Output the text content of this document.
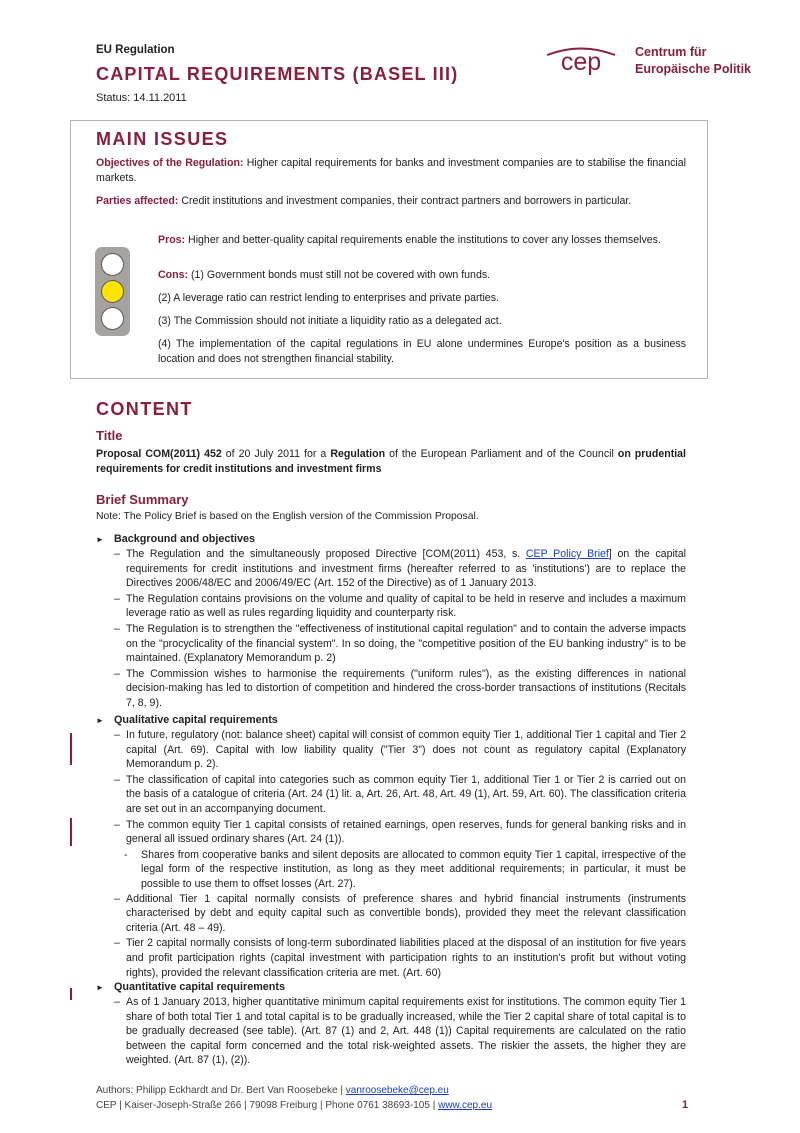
EU Regulation
CAPITAL REQUIREMENTS (BASEL III)
Status: 14.11.2011
cep	Centrum für
Europäische Politik
MAIN ISSUES
Objectives of the Regulation: Higher capital requirements for banks and investment companies are to stabilise the financial markets.
Parties affected: Credit institutions and investment companies, their contract partners and borrowers in particular.
Pros: Higher and better-quality capital requirements enable the institutions to cover any losses themselves.
Cons: (1) Government bonds must still not be covered with own funds.
(2) A leverage ratio can restrict lending to enterprises and private parties.
(3) The Commission should not initiate a liquidity ratio as a delegated act.
(4) The implementation of the capital regulations in EU alone undermines Europe's position as a business location and does not strengthen financial stability.
CONTENT
Title
Proposal COM(2011) 452 of 20 July 2011 for a Regulation of the European Parliament and of the Council on prudential requirements for credit institutions and investment firms
Brief Summary
Note: The Policy Brief is based on the English version of the Commission Proposal.
► Background and objectives
– The Regulation and the simultaneously proposed Directive [COM(2011) 453, s. CEP Policy Brief] on the capital requirements for credit institutions and investment firms (hereafter referred to as 'institutions') are to replace the Directives 2006/48/EC and 2006/49/EC (Art. 152 of the Directive) as of 1 January 2013.
– The Regulation contains provisions on the volume and quality of capital to be held in reserve and includes a maximum leverage ratio as well as rules regarding liquidity and counterparty risk.
– The Regulation is to strengthen the "effectiveness of institutional capital regulation" and to contain the adverse impacts on the "procyclicality of the financial system". In so doing, the "competitive position of the EU banking industry" is to be maintained. (Explanatory Memorandum p. 2)
– The Commission wishes to harmonise the requirements ("uniform rules"), as the existing differences in national decision-making has led to distortion of competition and hindered the cross-border transactions of institutions (Recitals 7, 8, 9).
► Qualitative capital requirements
– In future, regulatory (not: balance sheet) capital will consist of common equity Tier 1, additional Tier 1 capital and Tier 2 capital (Art. 69). Capital with low liability quality ("Tier 3") does not count as regulatory capital (Explanatory Memorandum p. 2).
– The classification of capital into categories such as common equity Tier 1, additional Tier 1 or Tier 2 is carried out on the basis of a catalogue of criteria (Art. 24 (1) lit. a, Art. 26, Art. 48, Art. 49 (1), Art. 59, Art. 60). The classification criteria are set out in an accompanying document.
– The common equity Tier 1 capital consists of retained earnings, open reserves, funds for general banking risks and in general all issued ordinary shares (Art. 24 (1)).
- Shares from cooperative banks and silent deposits are allocated to common equity Tier 1 capital, irrespective of the legal form of the respective institution, as long as they meet additional requirements; in particular, it must be possible to use them to offset losses (Art. 27).
– Additional Tier 1 capital normally consists of preference shares and hybrid financial instruments (instruments characterised by debt and equity capital such as convertible bonds), provided they meet the relevant classification criteria (Art. 48 – 49).
– Tier 2 capital normally consists of long-term subordinated liabilities placed at the disposal of an institution for five years and profit participation rights (capital investment with participation rights to an institution's profit but without voting rights), provided the relevant classification criteria are met. (Art. 60)
► Quantitative capital requirements
– As of 1 January 2013, higher quantitative minimum capital requirements exist for institutions. The common equity Tier 1 share of both total Tier 1 and total capital is to be gradually increased, while the Tier 2 capital share of total capital is to be gradually decreased (see table). (Art. 87 (1) and 2, Art. 448 (1)) Capital requirements are calculated on the ratio between the capital form concerned and the total risk-weighted assets. The riskier the assets, the higher they are weighted. (Art. 87 (1), (2)).
Authors: Philipp Eckhardt and Dr. Bert Van Roosebeke | vanroosebeke@cep.eu
CEP | Kaiser-Joseph-Straße 266 | 79098 Freiburg | Phone 0761 38693-105 | www.cep.eu	1
